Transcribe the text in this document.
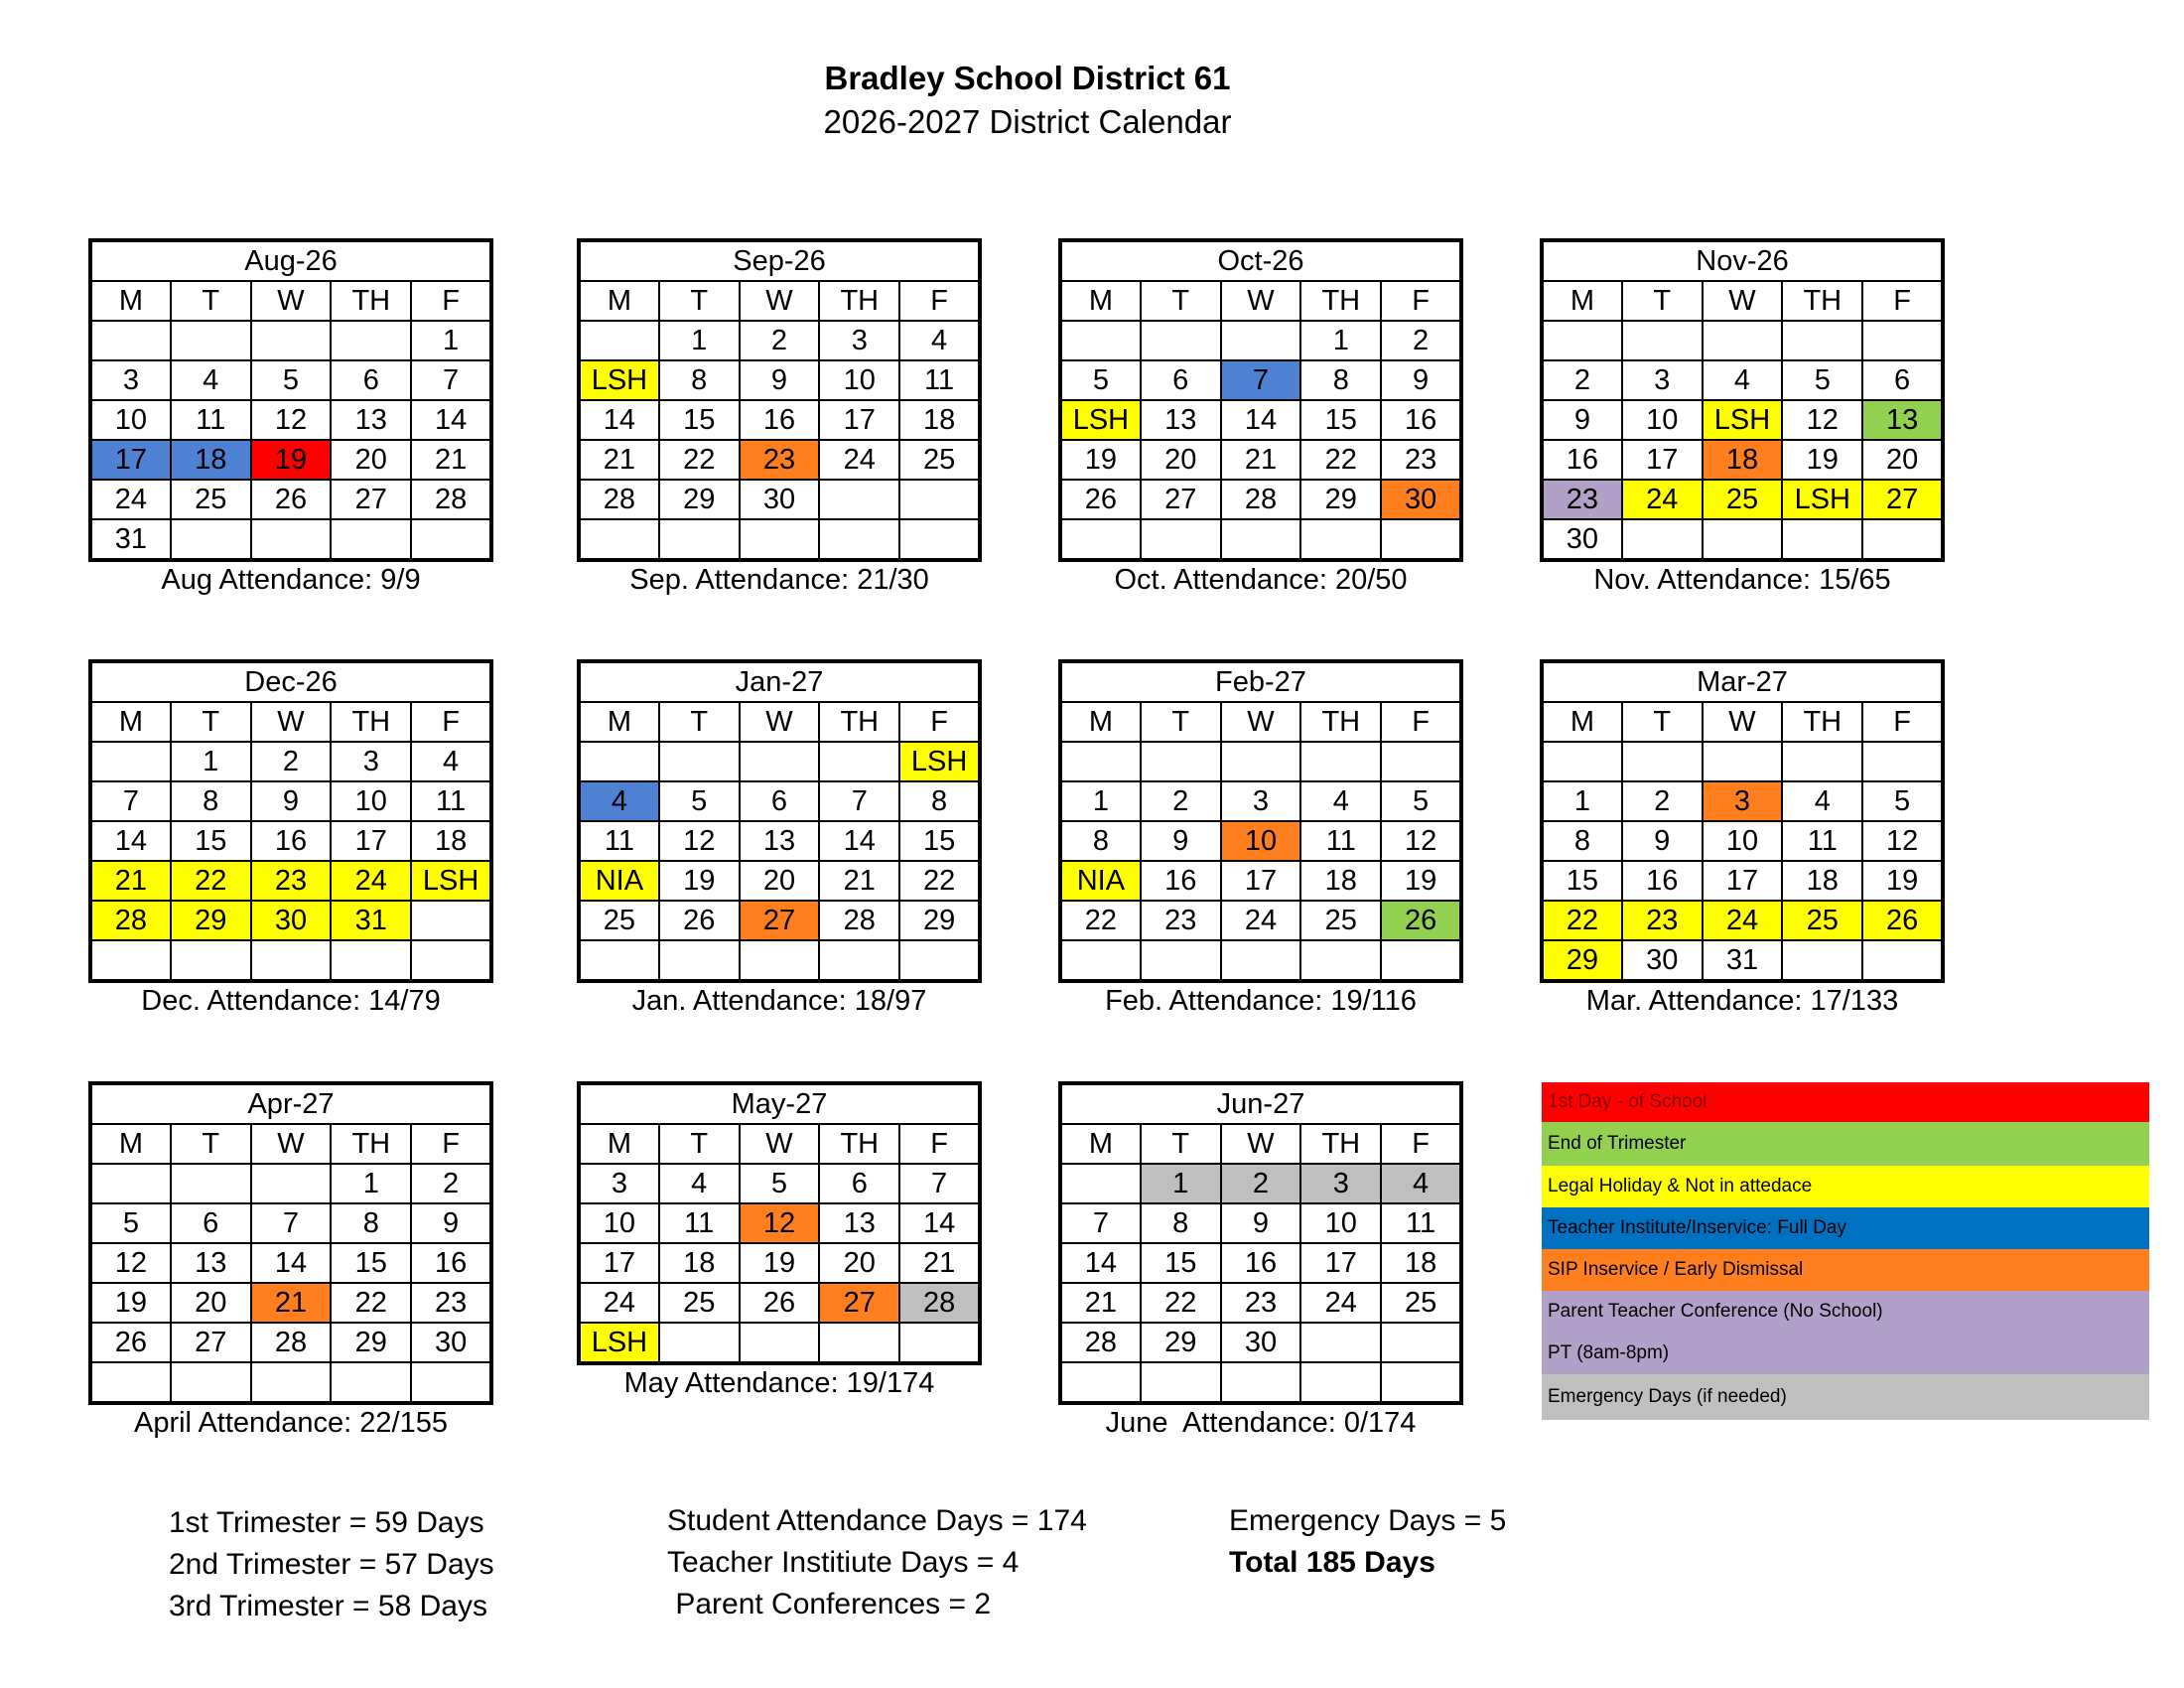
Bradley School District 61
2026-2027 District Calendar
Aug-26				
M	T	W	TH	F
				1
3	4	5	6	7
10	11	12	13	14
17	18	19	20	21
24	25	26	27	28
31				
Aug Attendance: 9/9
Sep-26				
M	T	W	TH	F
	1	2	3	4
LSH	8	9	10	11
14	15	16	17	18
21	22	23	24	25
28	29	30		

Sep. Attendance: 21/30
Oct-26				
M	T	W	TH	F
			1	2
5	6	7	8	9
LSH	13	14	15	16
19	20	21	22	23
26	27	28	29	30

Oct. Attendance: 20/50
Nov-26				
M	T	W	TH	F

2	3	4	5	6
9	10	LSH	12	13
16	17	18	19	20
23	24	25	LSH	27
30				
Nov. Attendance: 15/65
Dec-26				
M	T	W	TH	F
	1	2	3	4
7	8	9	10	11
14	15	16	17	18
21	22	23	24	LSH
28	29	30	31	

Dec. Attendance: 14/79
Jan-27				
M	T	W	TH	F
				LSH
4	5	6	7	8
11	12	13	14	15
NIA	19	20	21	22
25	26	27	28	29

Jan. Attendance: 18/97
Feb-27				
M	T	W	TH	F

1	2	3	4	5
8	9	10	11	12
NIA	16	17	18	19
22	23	24	25	26

Feb. Attendance: 19/116
Mar-27				
M	T	W	TH	F

1	2	3	4	5
8	9	10	11	12
15	16	17	18	19
22	23	24	25	26
29	30	31		
Mar. Attendance: 17/133
Apr-27				
M	T	W	TH	F
			1	2
5	6	7	8	9
12	13	14	15	16
19	20	21	22	23
26	27	28	29	30

April Attendance: 22/155
May-27				
M	T	W	TH	F
3	4	5	6	7
10	11	12	13	14
17	18	19	20	21
24	25	26	27	28
LSH				
May Attendance: 19/174
Jun-27				
M	T	W	TH	F
	1	2	3	4
7	8	9	10	11
14	15	16	17	18
21	22	23	24	25
28	29	30		

June  Attendance: 0/174
1st Day - of School
End of Trimester
Legal Holiday & Not in attedace
Teacher Institute/Inservice: Full Day
SIP Inservice / Early Dismissal
Parent Teacher Conference (No School)
PT (8am-8pm)
Emergency Days (if needed)
1st Trimester = 59 Days
2nd Trimester = 57 Days
3rd Trimester = 58 Days
Student Attendance Days = 174
Teacher Institiute Days = 4
Parent Conferences = 2
Emergency Days = 5
Total 185 Days
